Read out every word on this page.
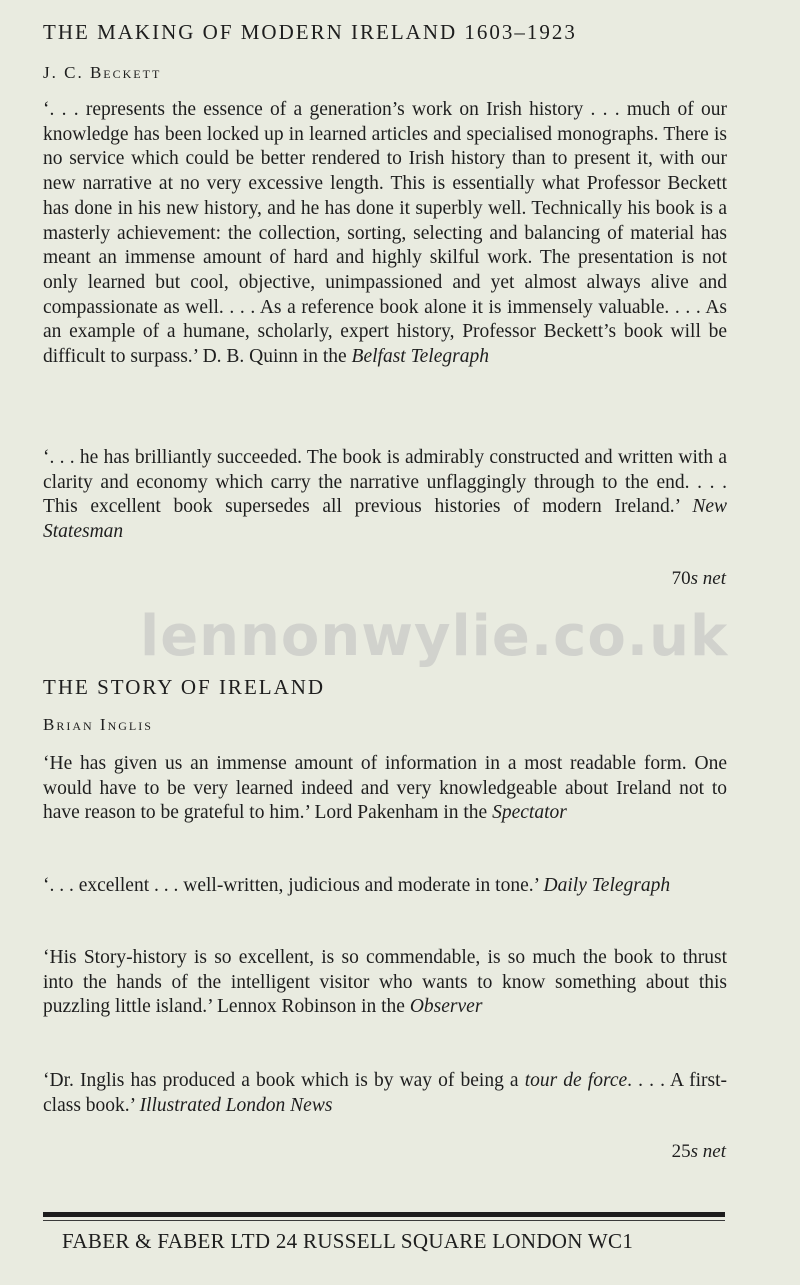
THE MAKING OF MODERN IRELAND 1603–1923
J. C. Beckett
‘. . . represents the essence of a generation’s work on Irish history . . . much of our knowledge has been locked up in learned articles and specialised monographs. There is no service which could be better rendered to Irish history than to present it, with our new narrative at no very excessive length. This is essentially what Professor Beckett has done in his new history, and he has done it superbly well. Technically his book is a masterly achievement: the collection, sorting, selecting and balancing of material has meant an immense amount of hard and highly skilful work. The presentation is not only learned but cool, objective, unimpassioned and yet almost always alive and compassionate as well. . . . As a reference book alone it is immensely valuable. . . . As an example of a humane, scholarly, expert history, Professor Beckett’s book will be difficult to surpass.’ D. B. Quinn in the Belfast Telegraph
‘. . . he has brilliantly succeeded. The book is admirably constructed and written with a clarity and economy which carry the narrative unflaggingly through to the end. . . . This excellent book supersedes all previous histories of modern Ireland.’ New Statesman
70s net
lennonwylie.co.uk
THE STORY OF IRELAND
Brian Inglis
‘He has given us an immense amount of information in a most readable form. One would have to be very learned indeed and very knowledgeable about Ireland not to have reason to be grateful to him.’ Lord Pakenham in the Spectator
‘. . . excellent . . . well-written, judicious and moderate in tone.’ Daily Telegraph
‘His Story-history is so excellent, is so commendable, is so much the book to thrust into the hands of the intelligent visitor who wants to know something about this puzzling little island.’ Lennox Robinson in the Observer
‘Dr. Inglis has produced a book which is by way of being a tour de force. . . . A first-class book.’ Illustrated London News
25s net
FABER & FABER LTD 24 RUSSELL SQUARE LONDON WC1
